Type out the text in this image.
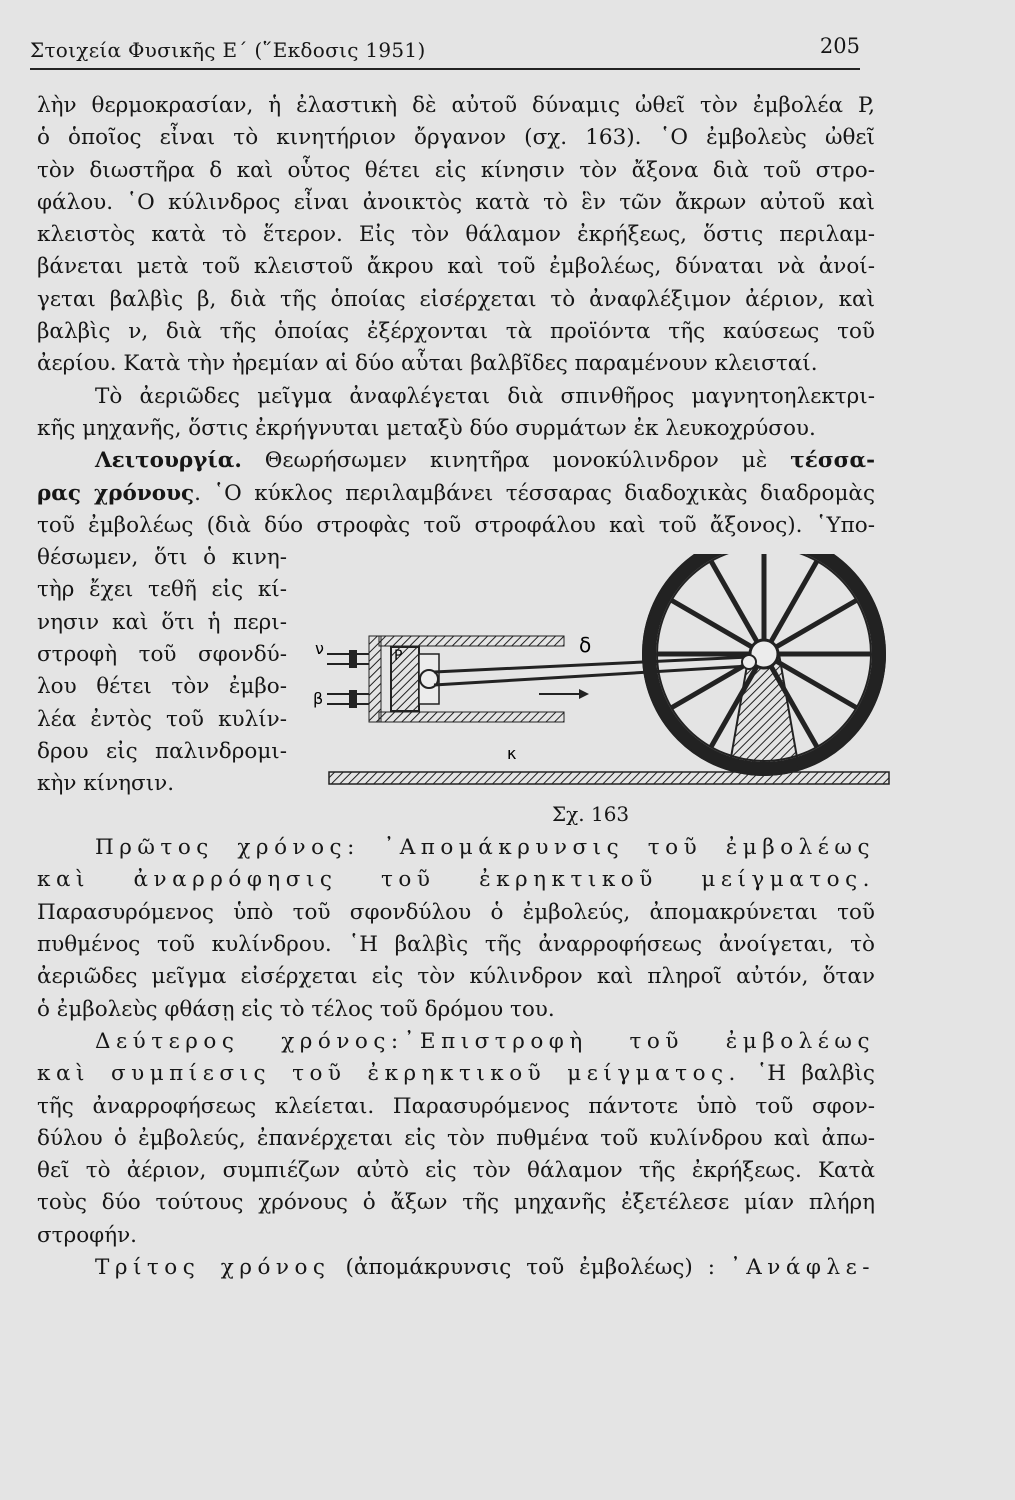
Στοιχεία Φυσικῆς Ε΄ (῞Εκδοσις 1951)	205
λὴν θερμοκρασίαν, ἡ ἐλαστικὴ δὲ αὐτοῦ δύναμις ὠθεῖ τὸν ἐμβολέα P,
ὁ ὁποῖος εἶναι τὸ κινητήριον ὄργανον (σχ. 163). ῾Ο ἐμβολεὺς ὠθεῖ
τὸν διωστῆρα δ καὶ οὗτος θέτει εἰς κίνησιν τὸν ἄξονα διὰ τοῦ στρο-
φάλου. ῾Ο κύλινδρος εἶναι ἀνοικτὸς κατὰ τὸ ἓν τῶν ἄκρων αὐτοῦ καὶ
κλειστὸς κατὰ τὸ ἕτερον. Εἰς τὸν θάλαμον ἐκρήξεως, ὅστις περιλαμ-
βάνεται μετὰ τοῦ κλειστοῦ ἄκρου καὶ τοῦ ἐμβολέως, δύναται νὰ ἀνοί-
γεται βαλβὶς β, διὰ τῆς ὁποίας εἰσέρχεται τὸ ἀναφλέξιμον ἀέριον, καὶ
βαλβὶς ν, διὰ τῆς ὁποίας ἐξέρχονται τὰ προϊόντα τῆς καύσεως τοῦ
ἀερίου. Κατὰ τὴν ἠρεμίαν αἱ δύο αὗται βαλβῖδες παραμένουν κλεισταί.
Τὸ ἀεριῶδες μεῖγμα ἀναφλέγεται διὰ σπινθῆρος μαγνητοηλεκτρι-
κῆς μηχανῆς, ὅστις ἐκρήγνυται μεταξὺ δύο συρμάτων ἐκ λευκοχρύσου.
Λειτουργία. Θεωρήσωμεν κινητῆρα μονοκύλινδρον μὲ τέσσα-
ρας χρόνους. ῾Ο κύκλος περιλαμβάνει τέσσαρας διαδοχικὰς διαδρομὰς
τοῦ ἐμβολέως (διὰ δύο στροφὰς τοῦ στροφάλου καὶ τοῦ ἄξονος). ῾Υπο-
θέσωμεν, ὅτι ὁ κινη-
τὴρ ἔχει τεθῆ εἰς κί-
νησιν καὶ ὅτι ἡ περι-
στροφὴ τοῦ σφονδύ-
λου θέτει τὸν ἐμβο-
λέα ἐντὸς τοῦ κυλίν-
δρου εἰς παλινδρομι-
κὴν κίνησιν.
ν	P
β
δ
κ
Σχ. 163
Πρῶτος χρόνος: ᾿Απομάκρυνσις τοῦ ἐμβολέως
καὶ ἀναρρόφησις τοῦ ἐκρηκτικοῦ μείγματος.
Παρασυρόμενος ὑπὸ τοῦ σφονδύλου ὁ ἐμβολεύς, ἀπομακρύνεται τοῦ
πυθμένος τοῦ κυλίνδρου. ῾Η βαλβὶς τῆς ἀναρροφήσεως ἀνοίγεται, τὸ
ἀεριῶδες μεῖγμα εἰσέρχεται εἰς τὸν κύλινδρον καὶ πληροῖ αὐτόν, ὅταν
ὁ ἐμβολεὺς φθάσῃ εἰς τὸ τέλος τοῦ δρόμου του.
Δεύτερος χρόνος:᾿Επιστροφὴ τοῦ ἐμβολέως
καὶ συμπίεσις τοῦ ἐκρηκτικοῦ μείγματος. ῾Η βαλβὶς
τῆς ἀναρροφήσεως κλείεται. Παρασυρόμενος πάντοτε ὑπὸ τοῦ σφον-
δύλου ὁ ἐμβολεύς, ἐπανέρχεται εἰς τὸν πυθμένα τοῦ κυλίνδρου καὶ ἀπω-
θεῖ τὸ ἀέριον, συμπιέζων αὐτὸ εἰς τὸν θάλαμον τῆς ἐκρήξεως. Κατὰ
τοὺς δύο τούτους χρόνους ὁ ἄξων τῆς μηχανῆς ἐξετέλεσε μίαν πλήρη
στροφήν.
Τρίτος χρόνος (ἀπομάκρυνσις τοῦ ἐμβολέως) : ᾿Ανάφλε-
